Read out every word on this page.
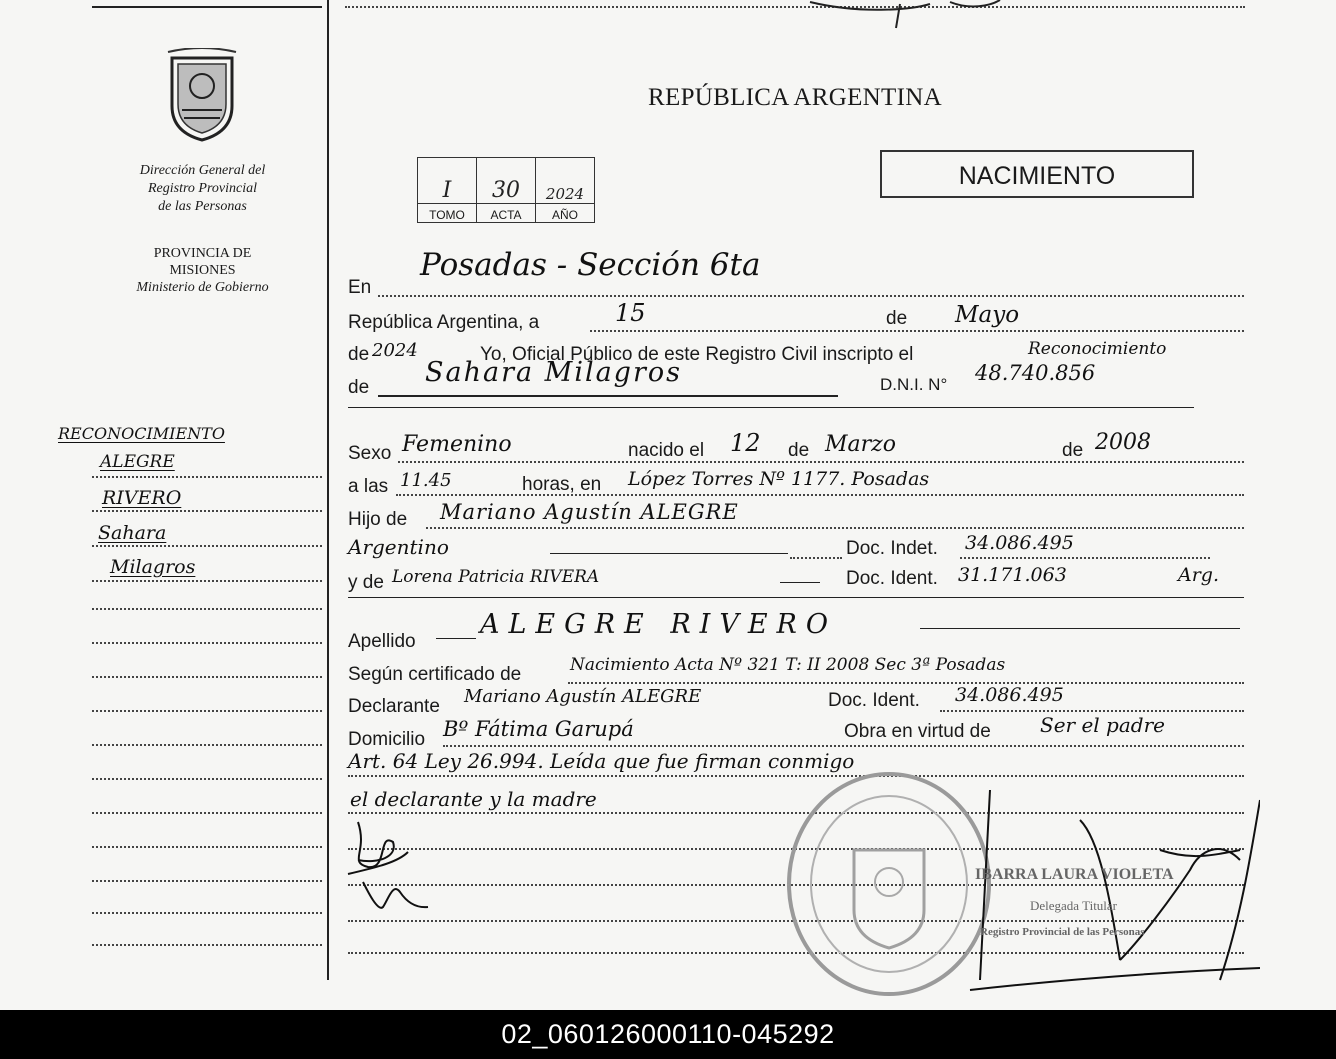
Dirección General del
Registro Provincial
de las Personas
PROVINCIA DE
MISIONES
Ministerio de Gobierno
REPÚBLICA ARGENTINA
I	30	2024
TOMO	ACTA	AÑO
NACIMIENTO
En
Posadas - Sección 6ta
República Argentina, a	15	de Mayo
de 2024	Yo, Oficial Público de este Registro Civil inscripto el	Reconocimiento
de Sahara Milagros	D.N.I. N° 48.740.856
Sexo Femenino	nacido el 12 de Marzo	de 2008
a las 11.45	horas, en López Torres Nº 1177. Posadas
Hijo de Mariano Agustín ALEGRE
Argentino	Doc. Indet. 34.086.495
y de Lorena Patricia RIVERA	Doc. Ident. 31.171.063	Arg.
Apellido
ALEGRE RIVERO
Según certificado de	Nacimiento Acta Nº 321 T: II 2008 Sec 3ª Posadas
Declarante Mariano Agustín ALEGRE	Doc. Ident. 34.086.495
Domicilio Bº Fátima Garupá	Obra en virtud de Ser el padre
Art. 64 Ley 26.994. Leída que fue firman conmigo
el declarante y la madre
IBARRA LAURA VIOLETA
Delegada Titular
Registro Provincial de las Personas
RECONOCIMIENTO
ALEGRE
RIVERO
Sahara
Milagros
02_060126000110-045292
